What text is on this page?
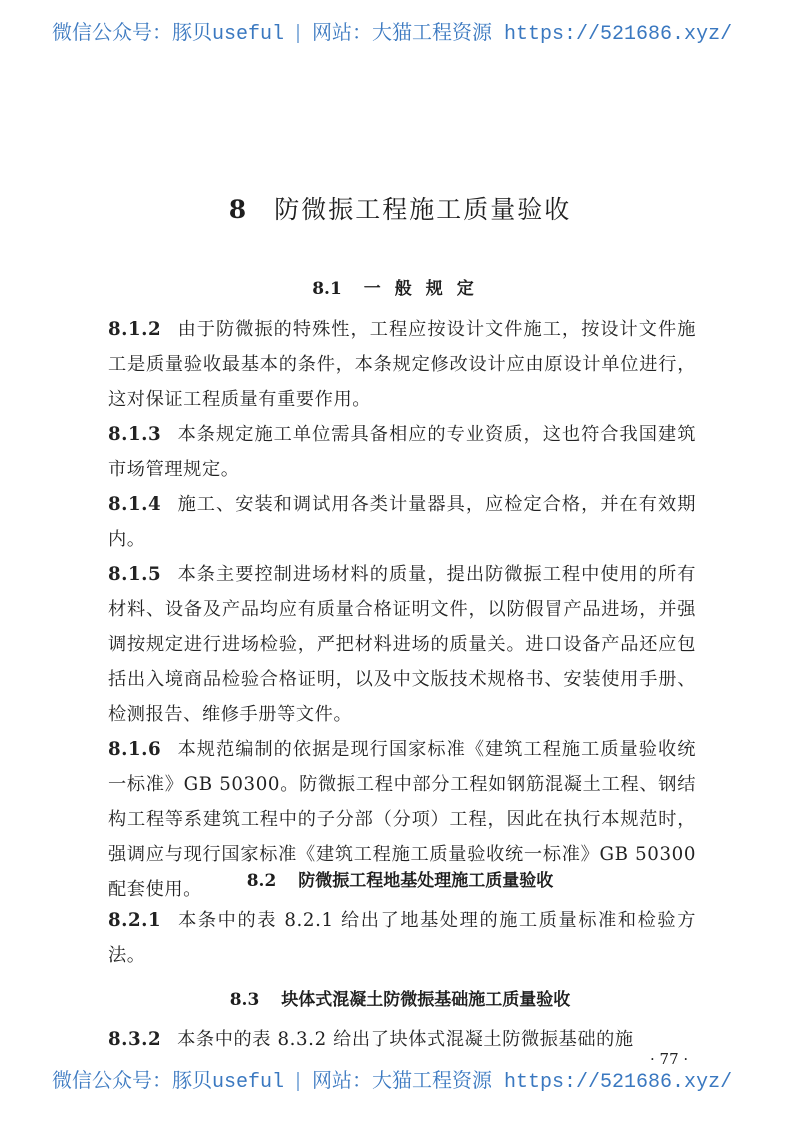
微信公众号：豚贝useful | 网站：大猫工程资源 https://521686.xyz/
8 防微振工程施工质量验收
8.1 一般规定

8.1.2 由于防微振的特殊性，工程应按设计文件施工，按设计文件施工是质量验收最基本的条件，本条规定修改设计应由原设计单位进行，这对保证工程质量有重要作用。

8.1.3 本条规定施工单位需具备相应的专业资质，这也符合我国建筑市场管理规定。

8.1.4 施工、安装和调试用各类计量器具，应检定合格，并在有效期内。

8.1.5 本条主要控制进场材料的质量，提出防微振工程中使用的所有材料、设备及产品均应有质量合格证明文件，以防假冒产品进场，并强调按规定进行进场检验，严把材料进场的质量关。进口设备产品还应包括出入境商品检验合格证明，以及中文版技术规格书、安装使用手册、检测报告、维修手册等文件。

8.1.6 本规范编制的依据是现行国家标准《建筑工程施工质量验收统一标准》GB 50300。防微振工程中部分工程如钢筋混凝土工程、钢结构工程等系建筑工程中的子分部（分项）工程，因此在执行本规范时，强调应与现行国家标准《建筑工程施工质量验收统一标准》GB 50300 配套使用。	8.2 防微振工程地基处理施工质量验收

8.2.1 本条中的表 8.2.1 给出了地基处理的施工质量标准和检验方法。

8.3 块体式混凝土防微振基础施工质量验收

8.3.2 本条中的表 8.3.2 给出了块体式混凝土防微振基础的施

· 77 ·
微信公众号：豚贝useful | 网站：大猫工程资源 https://521686.xyz/
